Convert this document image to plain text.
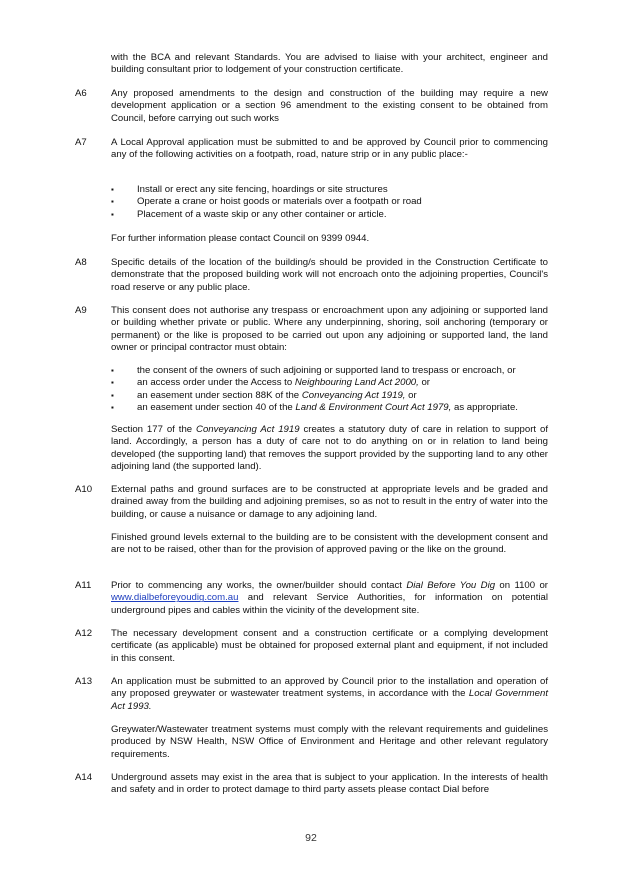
with the BCA and relevant Standards. You are advised to liaise with your architect, engineer and building consultant prior to lodgement of your construction certificate.
A6	Any proposed amendments to the design and construction of the building may require a new development application or a section 96 amendment to the existing consent to be obtained from Council, before carrying out such works
A7	A Local Approval application must be submitted to and be approved by Council prior to commencing any of the following activities on a footpath, road, nature strip or in any public place:-
▪ Install or erect any site fencing, hoardings or site structures
▪ Operate a crane or hoist goods or materials over a footpath or road
▪ Placement of a waste skip or any other container or article.
For further information please contact Council on 9399 0944.
A8	Specific details of the location of the building/s should be provided in the Construction Certificate to demonstrate that the proposed building work will not encroach onto the adjoining properties, Council's road reserve or any public place.
A9	This consent does not authorise any trespass or encroachment upon any adjoining or supported land or building whether private or public. Where any underpinning, shoring, soil anchoring (temporary or permanent) or the like is proposed to be carried out upon any adjoining or supported land, the land owner or principal contractor must obtain:
▪ the consent of the owners of such adjoining or supported land to trespass or encroach, or
▪ an access order under the Access to Neighbouring Land Act 2000, or
▪ an easement under section 88K of the Conveyancing Act 1919, or
▪ an easement under section 40 of the Land & Environment Court Act 1979, as appropriate.
Section 177 of the Conveyancing Act 1919 creates a statutory duty of care in relation to support of land. Accordingly, a person has a duty of care not to do anything on or in relation to land being developed (the supporting land) that removes the support provided by the supporting land to any other adjoining land (the supported land).
A10 External paths and ground surfaces are to be constructed at appropriate levels and be graded and drained away from the building and adjoining premises, so as not to result in the entry of water into the building, or cause a nuisance or damage to any adjoining land.
Finished ground levels external to the building are to be consistent with the development consent and are not to be raised, other than for the provision of approved paving or the like on the ground.
A11 Prior to commencing any works, the owner/builder should contact Dial Before You Dig on 1100 or www.dialbeforeyoudig.com.au and relevant Service Authorities, for information on potential underground pipes and cables within the vicinity of the development site.
A12 The necessary development consent and a construction certificate or a complying development certificate (as applicable) must be obtained for proposed external plant and equipment, if not included in this consent.
A13 An application must be submitted to an approved by Council prior to the installation and operation of any proposed greywater or wastewater treatment systems, in accordance with the Local Government Act 1993.
Greywater/Wastewater treatment systems must comply with the relevant requirements and guidelines produced by NSW Health, NSW Office of Environment and Heritage and other relevant regulatory requirements.
A14 Underground assets may exist in the area that is subject to your application. In the interests of health and safety and in order to protect damage to third party assets please contact Dial before
92
